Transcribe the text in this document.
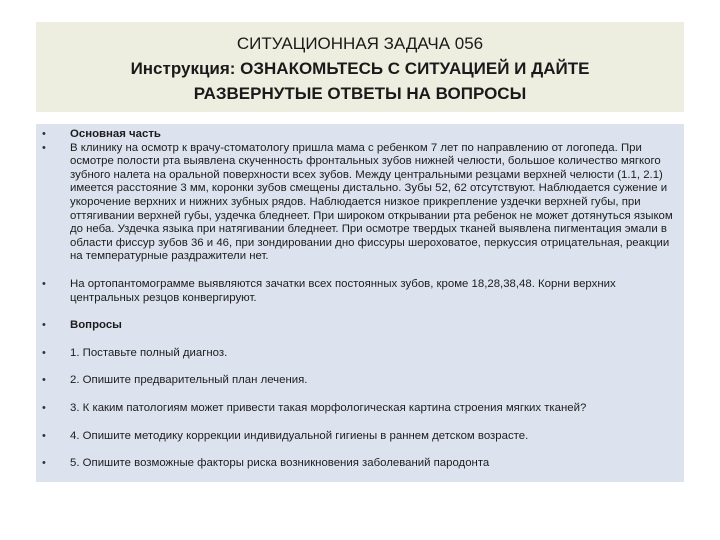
СИТУАЦИОННАЯ ЗАДАЧА 056
Инструкция: ОЗНАКОМЬТЕСЬ С СИТУАЦИЕЙ И ДАЙТЕ
РАЗВЕРНУТЫЕ ОТВЕТЫ НА ВОПРОСЫ
• Основная часть
• В клинику на осмотр к врачу-стоматологу пришла мама с ребенком 7 лет по направлению от логопеда. При осмотре полости рта выявлена скученность фронтальных зубов нижней челюсти, большое количество мягкого зубного налета на оральной поверхности всех зубов. Между центральными резцами верхней челюсти (1.1, 2.1) имеется расстояние 3 мм, коронки зубов смещены дистально. Зубы 52, 62 отсутствуют. Наблюдается сужение и укорочение верхних и нижних зубных рядов. Наблюдается низкое прикрепление уздечки верхней губы, при оттягивании верхней губы, уздечка бледнеет. При широком открывании рта ребенок не может дотянуться языком до неба. Уздечка языка при натягивании бледнеет. При осмотре твердых тканей выявлена пигментация эмали в области фиссур зубов 36 и 46, при зондировании дно фиссуры шероховатое, перкуссия отрицательная, реакции на температурные раздражители нет.
• На ортопантомограмме выявляются зачатки всех постоянных зубов, кроме 18,28,38,48. Корни верхних центральных резцов конвергируют.
• Вопросы
• 1. Поставьте полный диагноз.
• 2. Опишите предварительный план лечения.
• 3. К каким патологиям может привести такая морфологическая картина строения мягких тканей?
• 4. Опишите методику коррекции индивидуальной гигиены в раннем детском возрасте.
• 5. Опишите возможные факторы риска возникновения заболеваний пародонта
